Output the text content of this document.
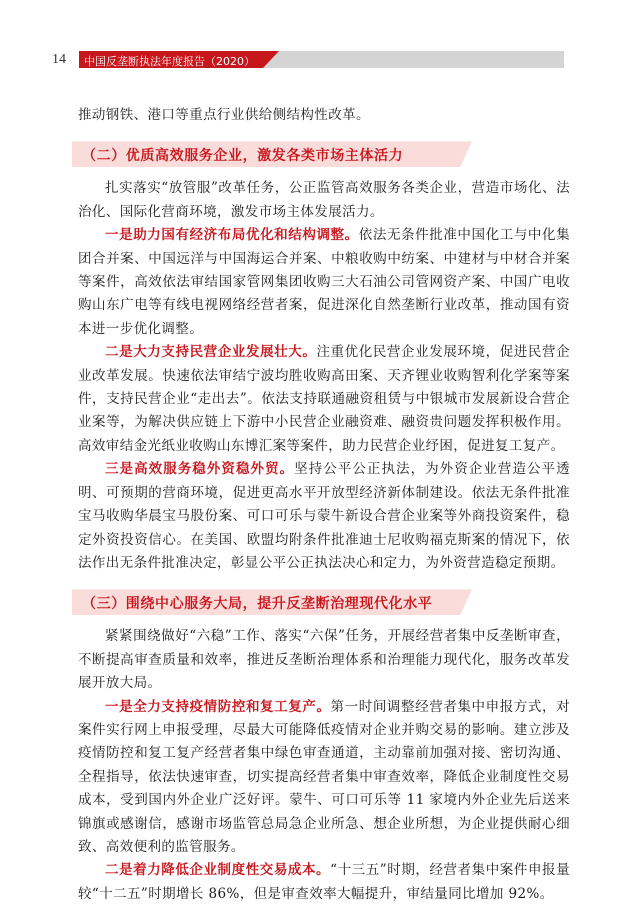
14 中国反垄断执法年度报告（2020）

推动钢铁、港口等重点行业供给侧结构性改革。

（二）优质高效服务企业，激发各类市场主体活力

扎实落实“放管服”改革任务，公正监管高效服务各类企业，营造市场化、法治化、国际化营商环境，激发市场主体发展活力。

一是助力国有经济布局优化和结构调整。依法无条件批准中国化工与中化集团合并案、中国远洋与中国海运合并案、中粮收购中纺案、中建材与中材合并案等案件，高效依法审结国家管网集团收购三大石油公司管网资产案、中国广电收购山东广电等有线电视网络经营者案，促进深化自然垄断行业改革，推动国有资本进一步优化调整。

二是大力支持民营企业发展壮大。注重优化民营企业发展环境，促进民营企业改革发展。快速依法审结宁波均胜收购高田案、天齐锂业收购智利化学案等案件，支持民营企业“走出去”。依法支持联通融资租赁与中银城市发展新设合营企业案等，为解决供应链上下游中小民营企业融资难、融资贵问题发挥积极作用。高效审结金光纸业收购山东博汇案等案件，助力民营企业纾困，促进复工复产。

三是高效服务稳外资稳外贸。坚持公平公正执法，为外资企业营造公平透明、可预期的营商环境，促进更高水平开放型经济新体制建设。依法无条件批准宝马收购华晨宝马股份案、可口可乐与蒙牛新设合营企业案等外商投资案件，稳定外资投资信心。在美国、欧盟均附条件批准迪士尼收购福克斯案的情况下，依法作出无条件批准决定，彰显公平公正执法决心和定力，为外资营造稳定预期。

（三）围绕中心服务大局，提升反垄断治理现代化水平

紧紧围绕做好“六稳”工作、落实“六保”任务，开展经营者集中反垄断审查，不断提高审查质量和效率，推进反垄断治理体系和治理能力现代化，服务改革发展开放大局。

一是全力支持疫情防控和复工复产。第一时间调整经营者集中申报方式，对案件实行网上申报受理，尽最大可能降低疫情对企业并购交易的影响。建立涉及疫情防控和复工复产经营者集中绿色审查通道，主动靠前加强对接、密切沟通、全程指导，依法快速审查，切实提高经营者集中审查效率，降低企业制度性交易成本，受到国内外企业广泛好评。蒙牛、可口可乐等 11 家境内外企业先后送来锦旗或感谢信，感谢市场监管总局急企业所急、想企业所想，为企业提供耐心细致、高效便利的监管服务。

二是着力降低企业制度性交易成本。“十三五”时期，经营者集中案件申报量较“十二五”时期增长 86%，但是审查效率大幅提升，审结量同比增加 92%。
